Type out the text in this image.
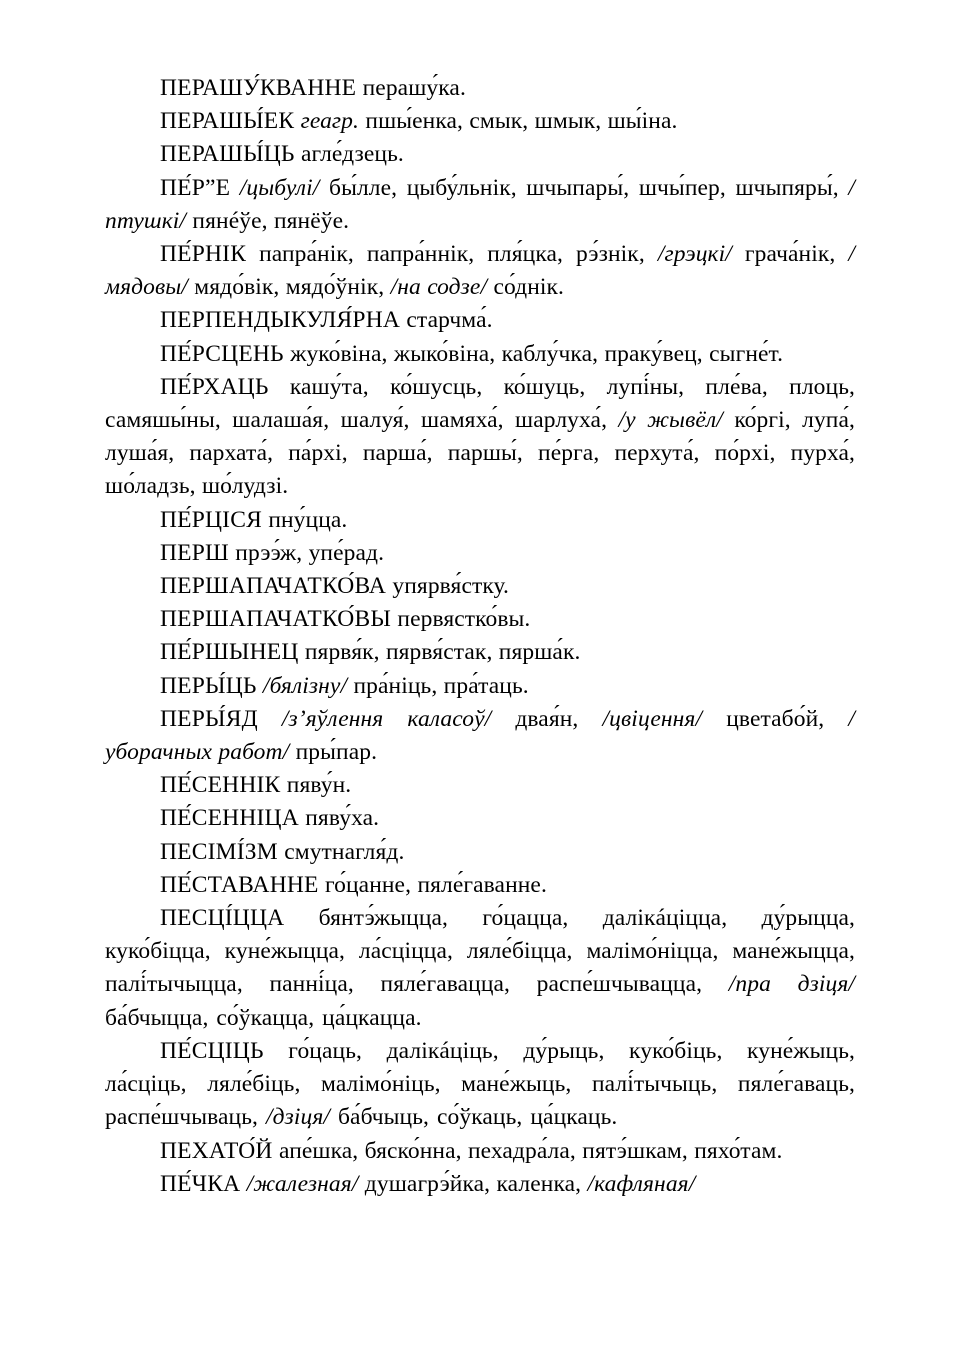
ПЕРАШУ́КВАННЕ перашу́ка.

ПЕРАШЫ́ЕК геагр. пшы́енка, смык, шмык, шы́іна.

ПЕРАШЫ́ЦЬ агле́дзець.

ПЕ́Р”Е /цыбулі/ бы́лле, цыбу́льнік, шчыпары́, шчы́пер, шчыпяры́, /птушкі/ пянéўе, пянёўе.

ПЕ́РНІК папра́нік, папра́ннік, пля́цка, рэ́знік, /грэцкі/ грача́нік, /мядовы/ мядо́вік, мядо́ўнік, /на содзе/ со́днік.

ПЕРПЕНДЫКУЛЯ́РНА старчма́.

ПЕ́РСЦЕНЬ жуко́віна, жыко́віна, каблу́чка, праку́вец, сыгне́т.

ПЕ́РХАЦЬ кашу́та, ко́шусць, ко́шуць, лупі́ны, пле́ва, плоць, самяшы́ны, шалаша́я, шалуя́, шамяха́, шарлуха́, /у жывёл/ ко́ргі, лупа́, луша́я, пархата́, па́рхі, парша́, паршы́, пе́рга, перхута́, по́рхі, пурха́, шо́ладзь, шо́лудзі.

ПЕ́РЦІСЯ пну́цца.

ПЕРШ прээ́ж, упе́рад.

ПЕРШАПАЧАТКО́ВА упярвя́стку.

ПЕРШАПАЧАТКО́ВЫ первястко́вы.

ПЕ́РШЫНЕЦ пярвя́к, пярвя́стак, пярша́к.

ПЕРЫ́ЦЬ /бялізну/ пра́ніць, пра́таць.

ПЕРЫ́ЯД /з’яўлення каласоў/ двая́н, /цвіцення/ цветабо́й, /уборачных работ/ пры́пар.

ПЕ́СЕННІК пяву́н.

ПЕ́СЕННІЦА пяву́ха.

ПЕСІМІ́ЗМ смутнагля́д.

ПЕ́СТАВАННЕ го́цанне, пяле́гаванне.

ПЕСЦІ́ЦЦА бянтэ́жыцца, го́цацца, далікáцiцца, ду́рыцца, куко́біцца, куне́жыцца, ла́сціцца, ляле́біцца, малімо́ніцца, мане́жыцца, палі́тычыцца, панні́ца, пяле́гавацца, распе́шчывацца, /пра дзіця/ ба́бчыцца, со́ўкацца, ца́цкацца.

ПЕ́СЦІЦЬ го́цаць, далікáцiць, ду́рыць, куко́біць, куне́жыць, ла́сціць, ляле́біць, малімо́ніць, мане́жыць, палі́тычыць, пяле́гаваць, распе́шчываць, /дзіця/ ба́бчыць, со́ўкаць, ца́цкаць.

ПЕХАТО́Й апе́шка, бяско́нна, пехадра́ла, пятэ́шкам, пяхо́там.

ПЕ́ЧКА /жалезная/ душагрэ́йка, каленка, /кафляная/
